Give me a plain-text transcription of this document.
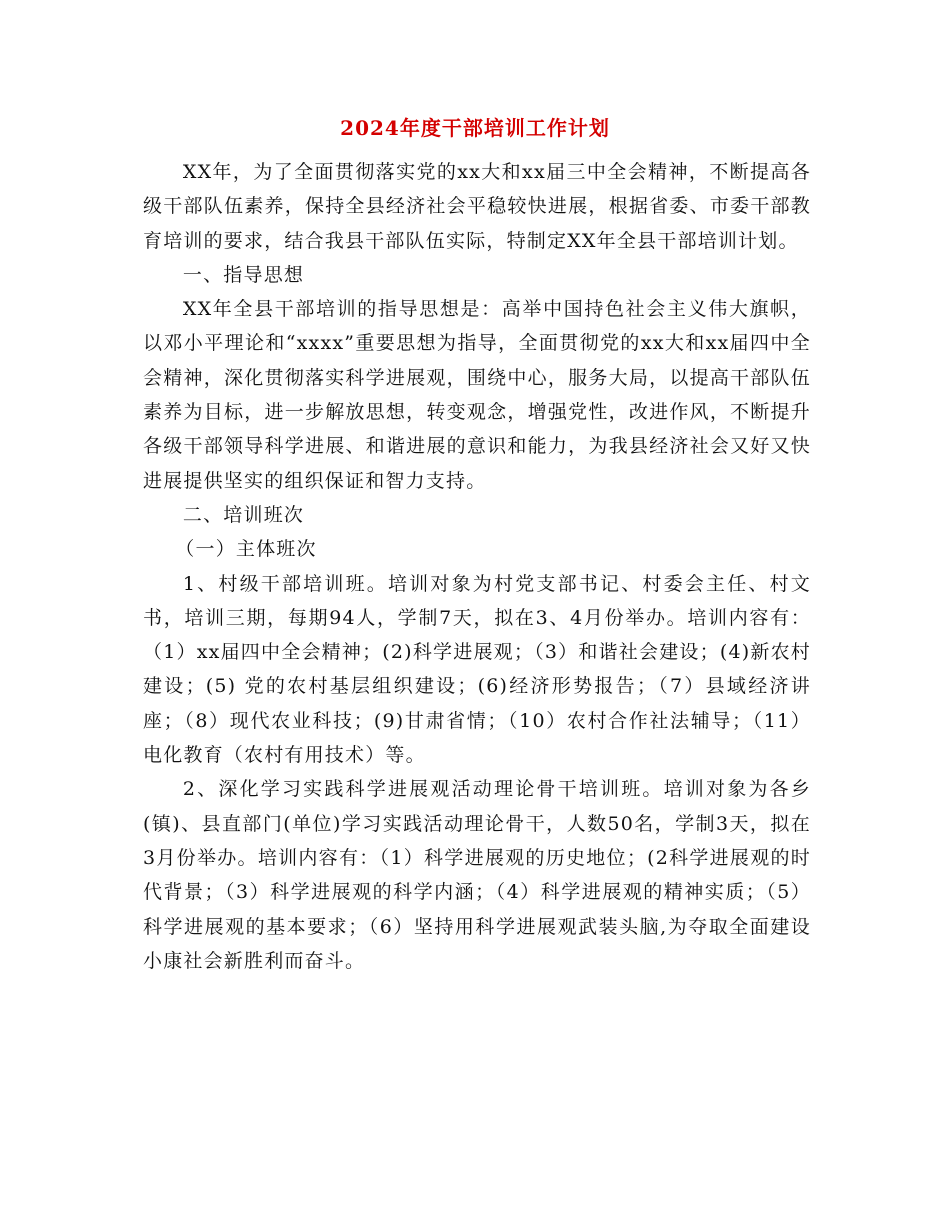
2024年度干部培训工作计划

XX年，为了全面贯彻落实党的xx大和xx届三中全会精神，不断提高各级干部队伍素养，保持全县经济社会平稳较快进展，根据省委、市委干部教育培训的要求，结合我县干部队伍实际，特制定XX年全县干部培训计划。

一、指导思想

XX年全县干部培训的指导思想是：高举中国持色社会主义伟大旗帜，以邓小平理论和“xxxx”重要思想为指导，全面贯彻党的xx大和xx届四中全会精神，深化贯彻落实科学进展观，围绕中心，服务大局，以提高干部队伍素养为目标，进一步解放思想，转变观念，增强党性，改进作风，不断提升各级干部领导科学进展、和谐进展的意识和能力，为我县经济社会又好又快进展提供坚实的组织保证和智力支持。

二、培训班次

（一）主体班次

1、村级干部培训班。培训对象为村党支部书记、村委会主任、村文书，培训三期，每期94人，学制7天，拟在3、4月份举办。培训内容有：（1）xx届四中全会精神；(2)科学进展观；（3）和谐社会建设；(4)新农村建设；(5) 党的农村基层组织建设；(6)经济形势报告；（7）县域经济讲座；（8）现代农业科技；(9)甘肃省情；（10）农村合作社法辅导；（11）电化教育（农村有用技术）等。

2、深化学习实践科学进展观活动理论骨干培训班。培训对象为各乡(镇)、县直部门(单位)学习实践活动理论骨干，人数50名，学制3天，拟在3月份举办。培训内容有：（1）科学进展观的历史地位；(2科学进展观的时代背景；（3）科学进展观的科学内涵；（4）科学进展观的精神实质；（5）科学进展观的基本要求；（6）坚持用科学进展观武装头脑,为夺取全面建设小康社会新胜利而奋斗。
